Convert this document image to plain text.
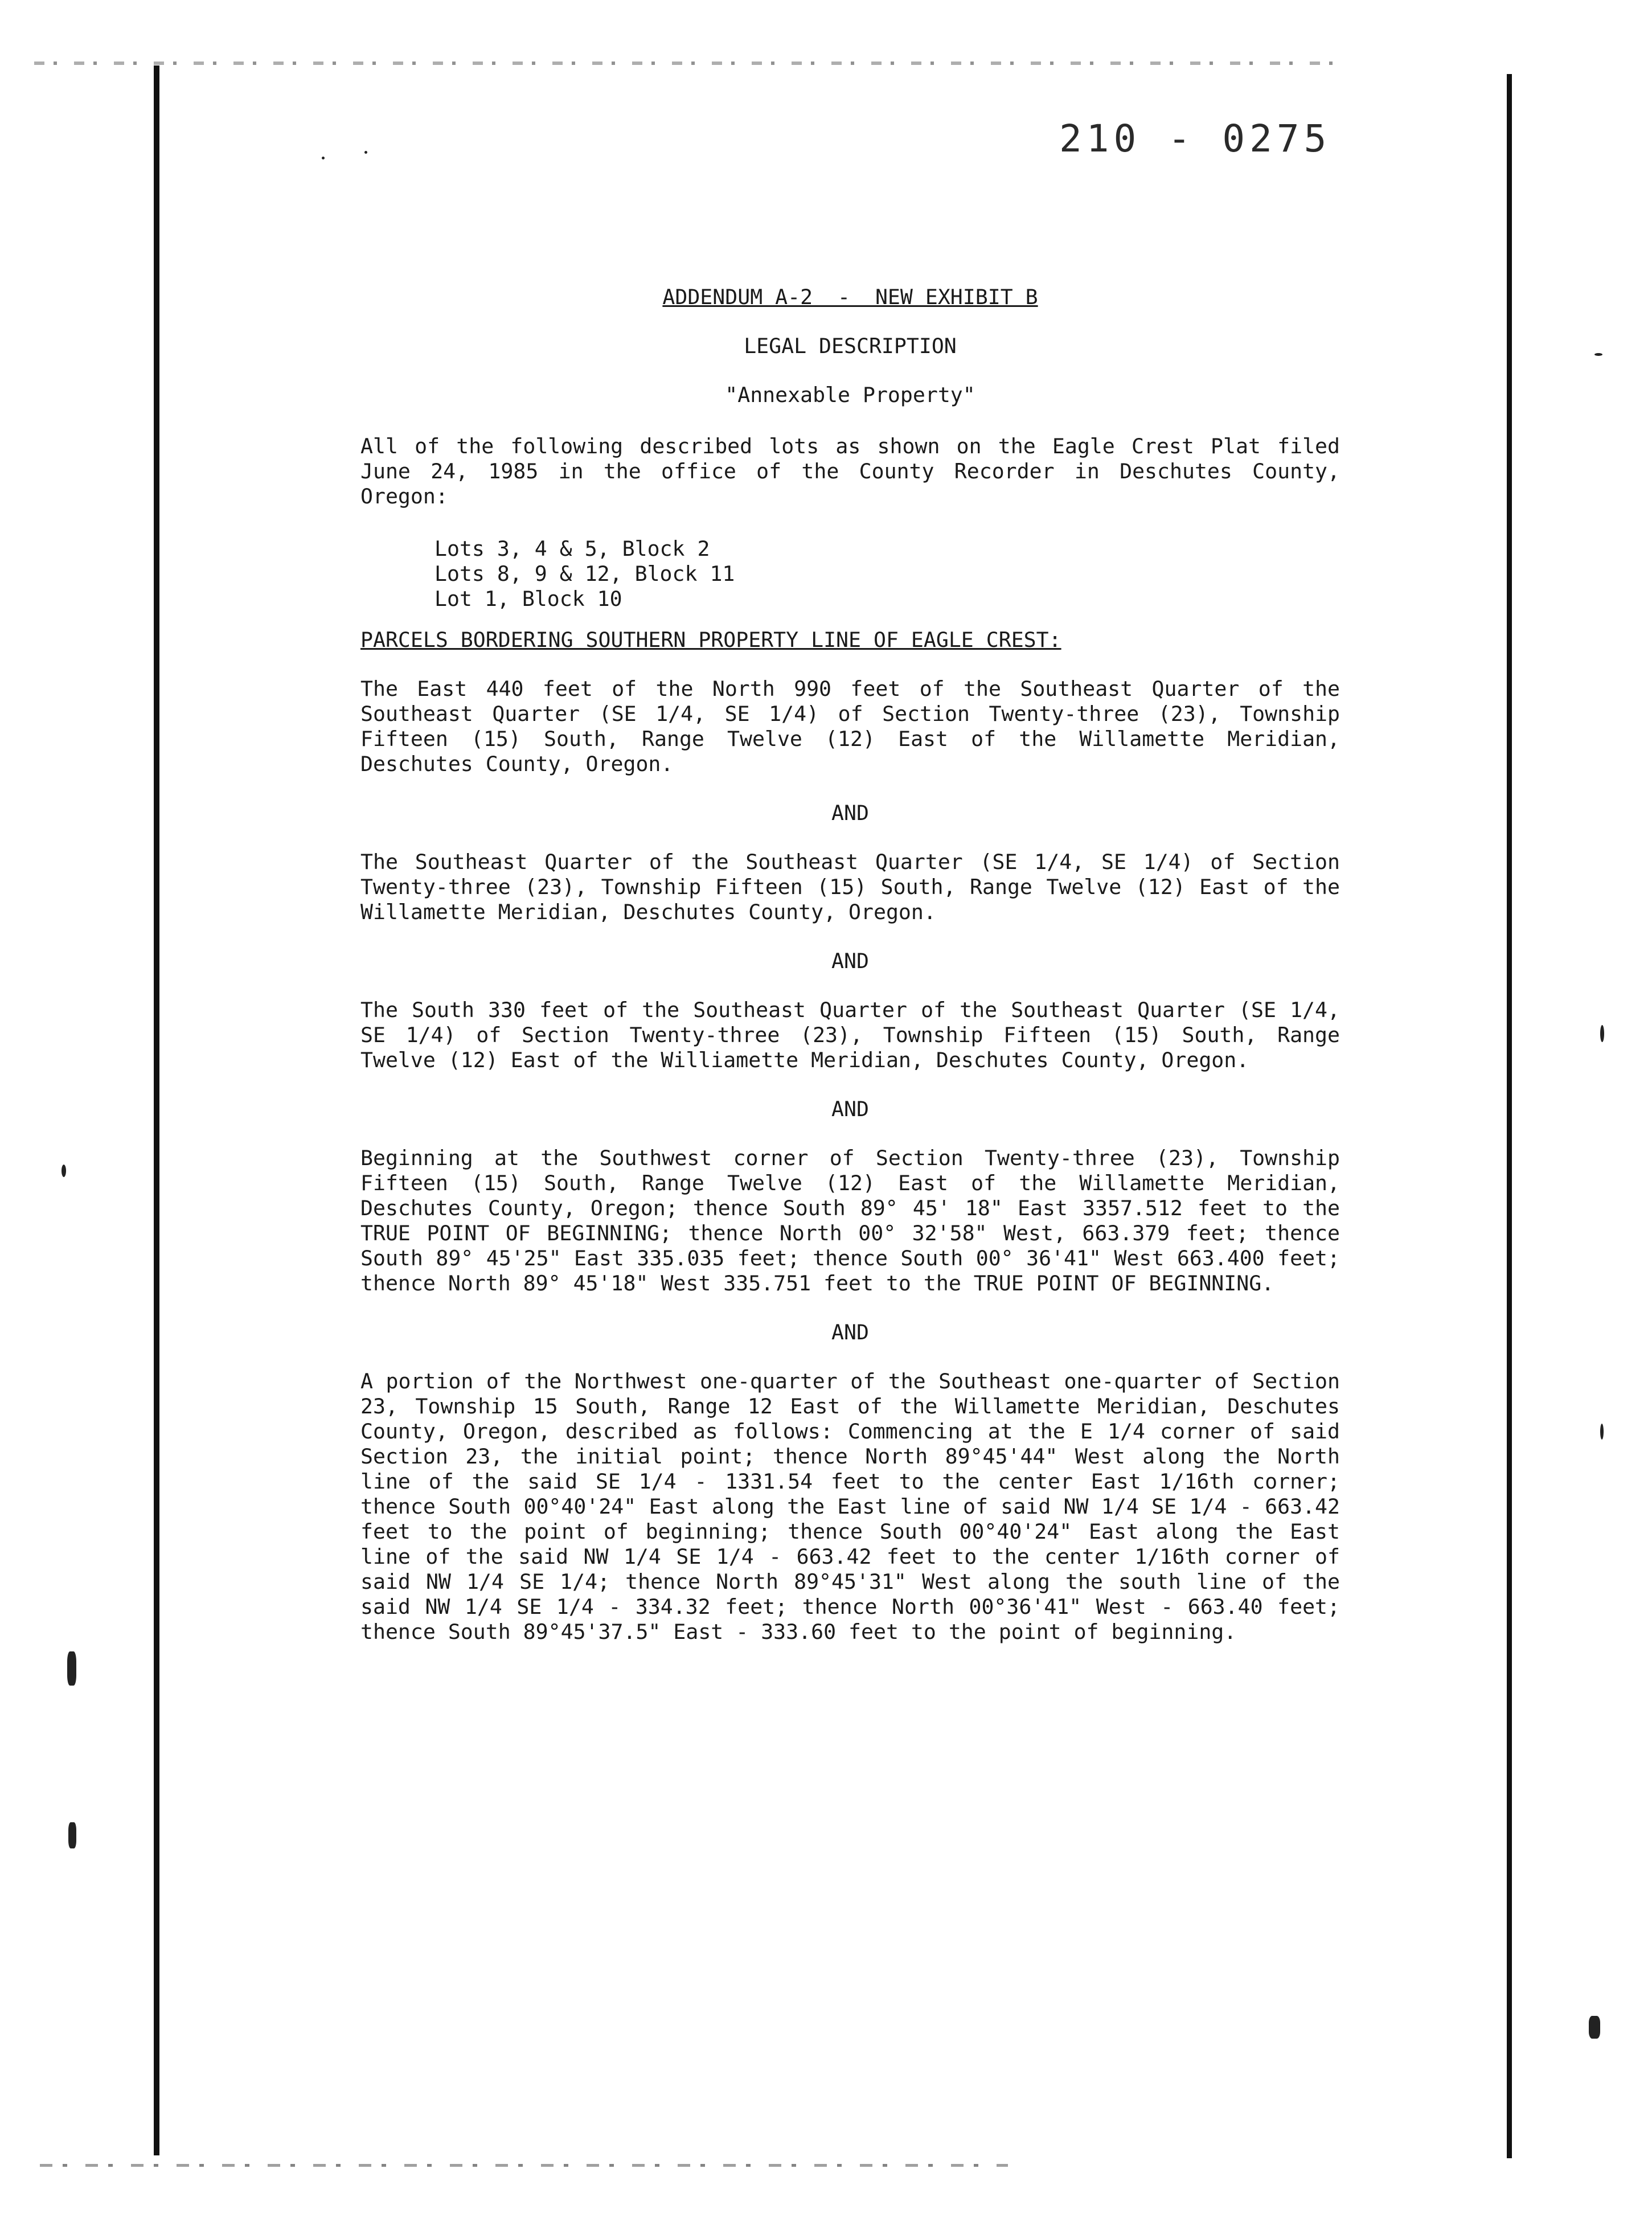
210 - 0275

ADDENDUM A-2  -  NEW EXHIBIT B

LEGAL DESCRIPTION

"Annexable Property"

All of the following described lots as shown on the Eagle Crest Plat filed June 24, 1985 in the office of the County Recorder in Deschutes County, Oregon:

Lots 3, 4 & 5, Block 2
Lots 8, 9 & 12, Block 11
Lot 1, Block 10

PARCELS BORDERING SOUTHERN PROPERTY LINE OF EAGLE CREST:

The East 440 feet of the North 990 feet of the Southeast Quarter of the Southeast Quarter (SE 1/4, SE 1/4) of Section Twenty-three (23), Township Fifteen (15) South, Range Twelve (12) East of the Willamette Meridian, Deschutes County, Oregon.

AND

The Southeast Quarter of the Southeast Quarter (SE 1/4, SE 1/4) of Section Twenty-three (23), Township Fifteen (15) South, Range Twelve (12) East of the Willamette Meridian, Deschutes County, Oregon.

AND

The South 330 feet of the Southeast Quarter of the Southeast Quarter (SE 1/4, SE 1/4) of Section Twenty-three (23), Township Fifteen (15) South, Range Twelve (12) East of the Williamette Meridian, Deschutes County, Oregon.

AND

Beginning at the Southwest corner of Section Twenty-three (23), Township Fifteen (15) South, Range Twelve (12) East of the Willamette Meridian, Deschutes County, Oregon; thence South 89° 45' 18" East 3357.512 feet to the TRUE POINT OF BEGINNING; thence North 00° 32'58" West, 663.379 feet; thence South 89° 45'25" East 335.035 feet; thence South 00° 36'41" West 663.400 feet; thence North 89° 45'18" West 335.751 feet to the TRUE POINT OF BEGINNING.

AND

A portion of the Northwest one-quarter of the Southeast one-quarter of Section 23, Township 15 South, Range 12 East of the Willamette Meridian, Deschutes County, Oregon, described as follows: Commencing at the E 1/4 corner of said Section 23, the initial point; thence North 89°45'44" West along the North line of the said SE 1/4 - 1331.54 feet to the center East 1/16th corner; thence South 00°40'24" East along the East line of said NW 1/4 SE 1/4 - 663.42 feet to the point of beginning; thence South 00°40'24" East along the East line of the said NW 1/4 SE 1/4 - 663.42 feet to the center 1/16th corner of said NW 1/4 SE 1/4; thence North 89°45'31" West along the south line of the said NW 1/4 SE 1/4 - 334.32 feet; thence North 00°36'41" West - 663.40 feet; thence South 89°45'37.5" East - 333.60 feet to the point of beginning.
